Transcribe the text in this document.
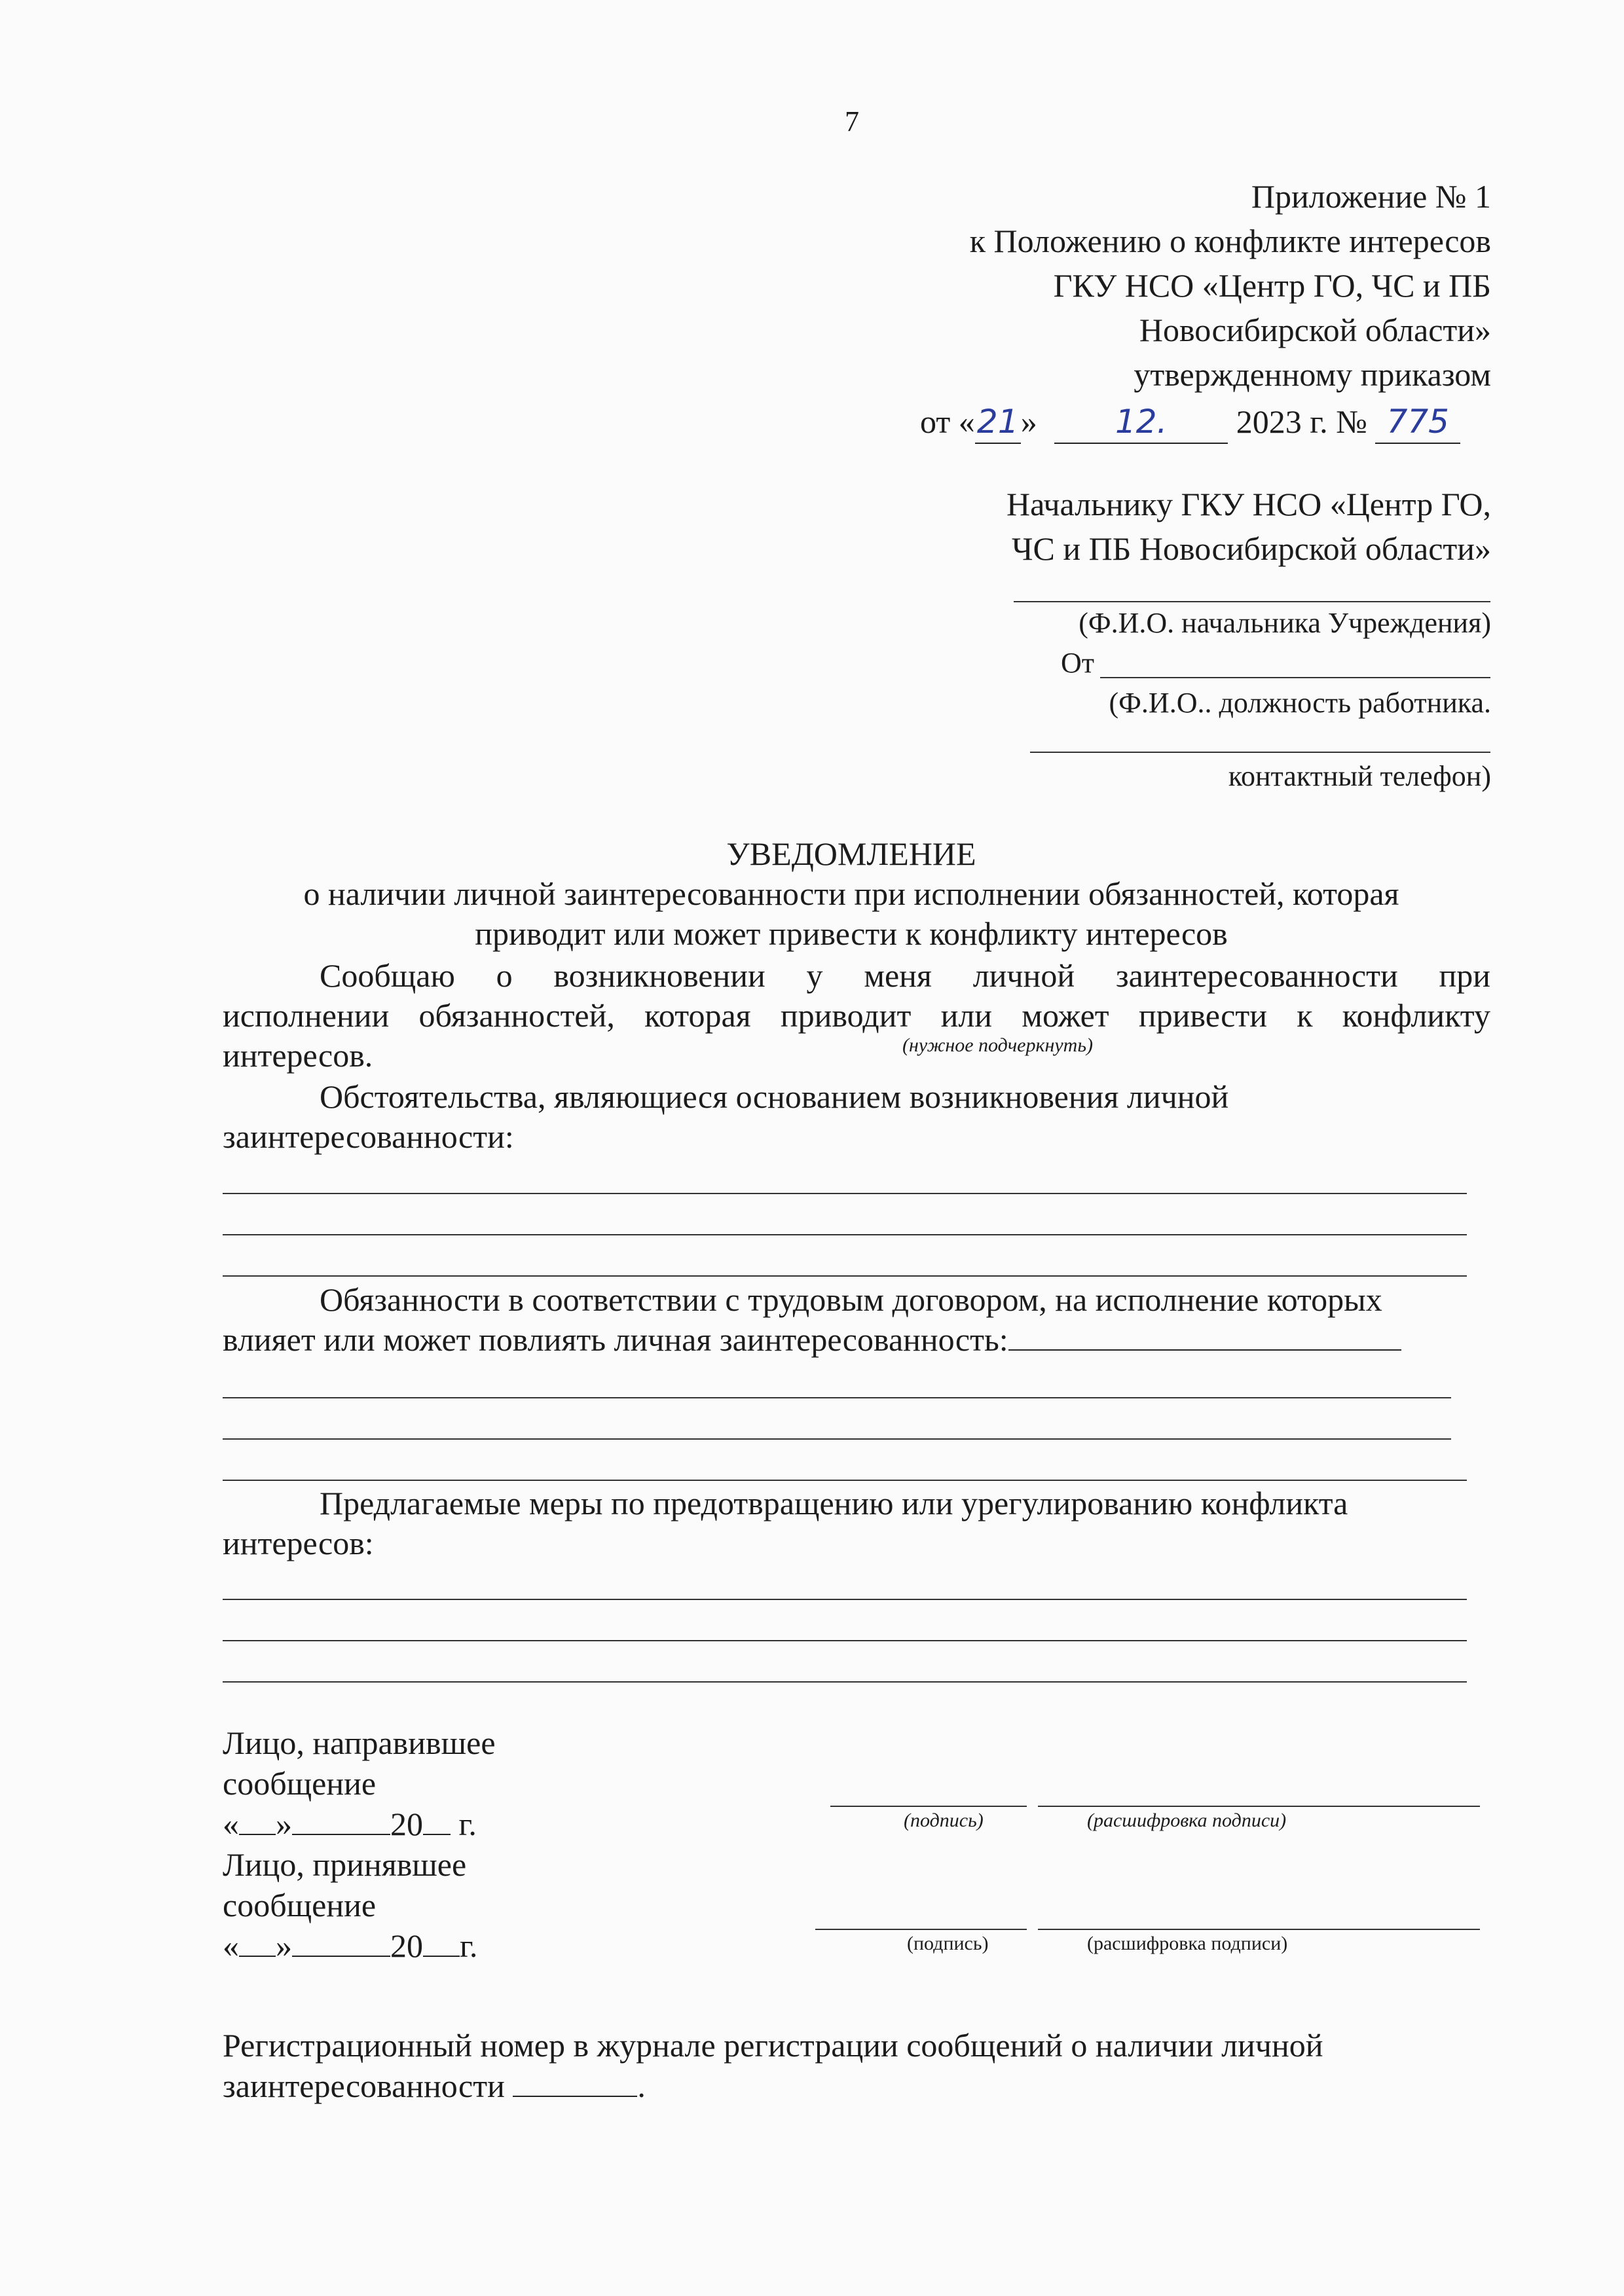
7
Приложение № 1
к Положению о конфликте интересов
ГКУ НСО «Центр ГО, ЧС и ПБ
Новосибирской области»
утвержденному приказом
от «21» 12. 2023 г. № 775
Начальнику ГКУ НСО «Центр ГО,
ЧС и ПБ Новосибирской области»
(Ф.И.О. начальника Учреждения)
От
(Ф.И.О.. должность работника.
контактный телефон)
УВЕДОМЛЕНИЕ
о наличии личной заинтересованности при исполнении обязанностей, которая
приводит или может привести к конфликту интересов
Сообщаю о возникновении у меня личной заинтересованности при
исполнении обязанностей, которая приводит или может привести к конфликту
интересов.	(нужное подчеркнуть)
Обстоятельства, являющиеся основанием возникновения личной
заинтересованности:
Обязанности в соответствии с трудовым договором, на исполнение которых
влияет или может повлиять личная заинтересованность:
Предлагаемые меры по предотвращению или урегулированию конфликта
интересов:
Лицо, направившее
сообщение
« »	20 г.	(подпись)	(расшифровка подписи)
Лицо, принявшее
сообщение
« »	20 г.	(подпись)	(расшифровка подписи)
Регистрационный номер в журнале регистрации сообщений о наличии личной
заинтересованности	.
